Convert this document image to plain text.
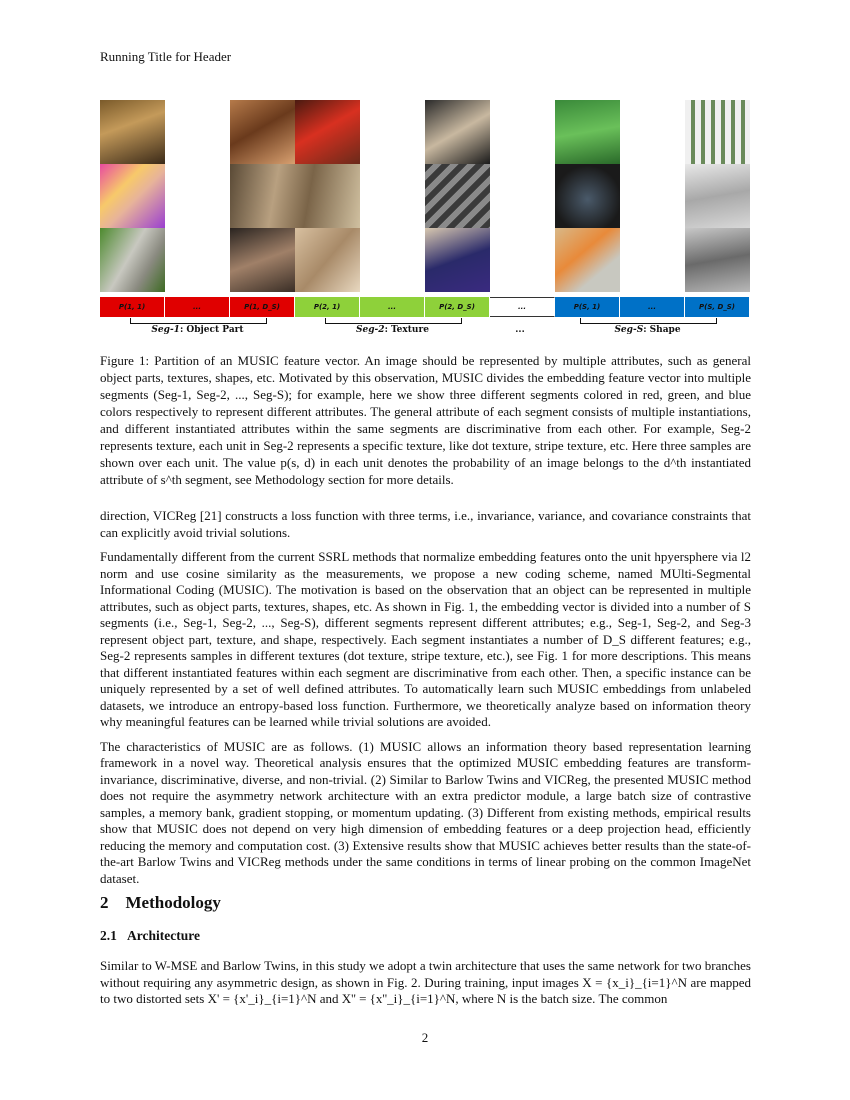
Running Title for Header
P(1, 1)	...	P(1, D_S)	P(2, 1)	...	P(2, D_S)	...	P(S, 1)	...	P(S, D_S)
Seg-1: Object Part	Seg-2: Texture	...	Seg-S: Shape
Figure 1: Partition of an MUSIC feature vector. An image should be represented by multiple attributes, such as general object parts, textures, shapes, etc. Motivated by this observation, MUSIC divides the embedding feature vector into multiple segments (Seg-1, Seg-2, ..., Seg-S); for example, here we show three different segments colored in red, green, and blue colors respectively to represent different attributes. The general attribute of each segment consists of multiple instantiations, and different instantiated attributes within the same segments are discriminative from each other. For example, Seg-2 represents texture, each unit in Seg-2 represents a specific texture, like dot texture, stripe texture, etc. Here three samples are shown over each unit. The value p(s, d) in each unit denotes the probability of an image belongs to the d^th instantiated attribute of s^th segment, see Methodology section for more details.

direction, VICReg [21] constructs a loss function with three terms, i.e., invariance, variance, and covariance constraints that can explicitly avoid trivial solutions.

Fundamentally different from the current SSRL methods that normalize embedding features onto the unit hpyersphere via l2 norm and use cosine similarity as the measurements, we propose a new coding scheme, named MUlti-Segmental Informational Coding (MUSIC). The motivation is based on the observation that an object can be represented in multiple attributes, such as object parts, textures, shapes, etc. As shown in Fig. 1, the embedding vector is divided into a number of S segments (i.e., Seg-1, Seg-2, ..., Seg-S), different segments represent different attributes; e.g., Seg-1, Seg-2, and Seg-3 represent object part, texture, and shape, respectively. Each segment instantiates a number of D_S different features; e.g., Seg-2 represents samples in different textures (dot texture, stripe texture, etc.), see Fig. 1 for more descriptions. This means that different instantiated features within each segment are discriminative from each other. Then, a specific instance can be uniquely represented by a set of well defined attributes. To automatically learn such MUSIC embeddings from unlabeled datasets, we introduce an entropy-based loss function. Furthermore, we theoretically analyze based on information theory why meaningful features can be learned while trivial solutions are avoided.

The characteristics of MUSIC are as follows. (1) MUSIC allows an information theory based representation learning framework in a novel way. Theoretical analysis ensures that the optimized MUSIC embedding features are transform-invariance, discriminative, diverse, and non-trivial. (2) Similar to Barlow Twins and VICReg, the presented MUSIC method does not require the asymmetry network architecture with an extra predictor module, a large batch size of contrastive samples, a memory bank, gradient stopping, or momentum updating. (3) Different from existing methods, empirical results show that MUSIC does not depend on very high dimension of embedding features or a deep projection head, efficiently reducing the memory and computation cost. (3) Extensive results show that MUSIC achieves better results than the state-of-the-art Barlow Twins and VICReg methods under the same conditions in terms of linear probing on the common ImageNet dataset.

2 Methodology
2.1 Architecture
Similar to W-MSE and Barlow Twins, in this study we adopt a twin architecture that uses the same network for two branches without requiring any asymmetric design, as shown in Fig. 2. During training, input images X = {x_i}_{i=1}^N are mapped to two distorted sets X' = {x'_i}_{i=1}^N and X'' = {x''_i}_{i=1}^N, where N is the batch size. The common
2
